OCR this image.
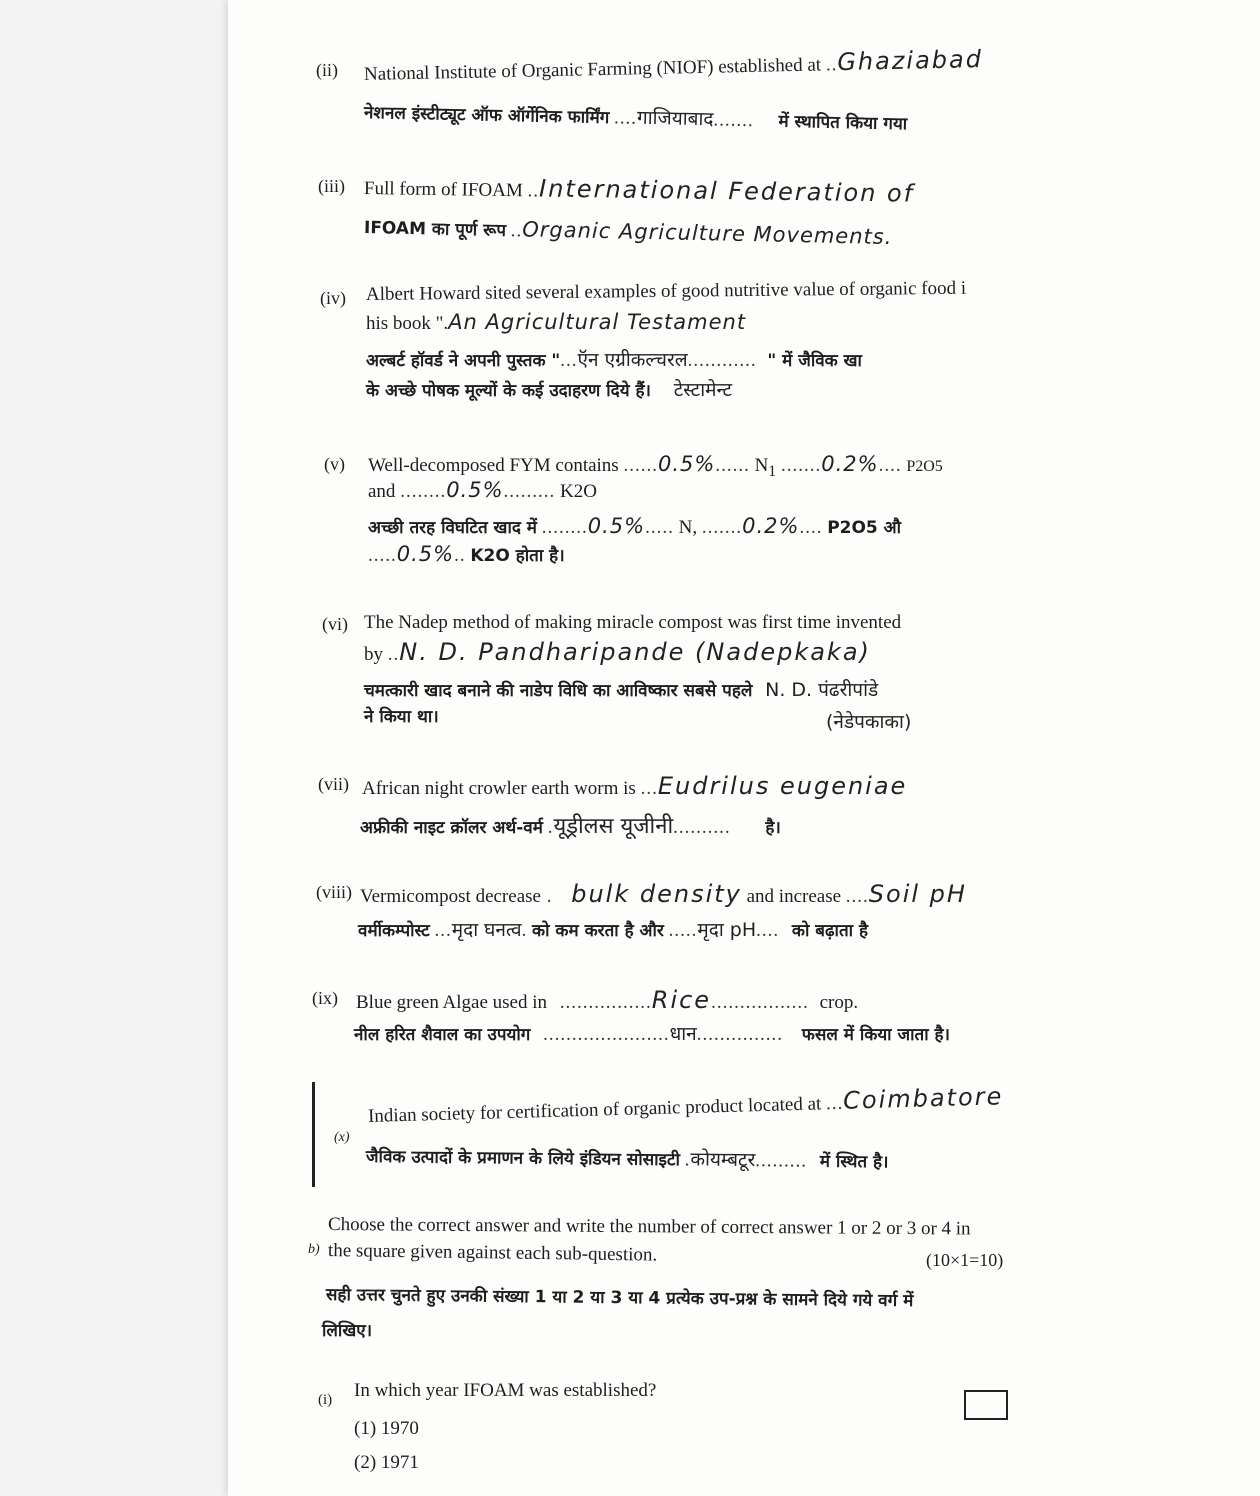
(ii) National Institute of Organic Farming (NIOF) established at ..Ghaziabad
नेशनल इंस्टीट्यूट ऑफ ऑर्गेनिक फार्मिंग ....गाजियाबाद....... में स्थापित किया गया
(iii) Full form of IFOAM ..International Federation of
IFOAM का पूर्ण रूप ..Organic Agriculture Movements.
(iv) Albert Howard sited several examples of good nutritive value of organic food i
his book ".An Agricultural Testament
अल्बर्ट हॉवर्ड ने अपनी पुस्तक "...ऍन एग्रीकल्चरल............ " में जैविक खा
के अच्छे पोषक मूल्यों के कई उदाहरण दिये हैं। टेस्टामेन्ट
(v) Well-decomposed FYM contains ......0.5%...... $N_1$ .......0.2%.... P2O5
and ........0.5%......... K2O
अच्छी तरह विघटित खाद में ........0.5%..... N, .......0.2%.... P2O5 औ
.....0.5%.. K2O होता है।
(vi) The Nadep method of making miracle compost was first time invented
by ..N. D. Pandharipande (Nadepkaka)
चमत्कारी खाद बनाने की नाडेप विधि का आविष्कार सबसे पहले N. D. पंढरीपांडे
ने किया था।	(नेडेपकाका)
(vii) African night crowler earth worm is ...Eudrilus eugeniae
अफ्रीकी नाइट क्रॉलर अर्थ-वर्म .यूड्रीलस यूजीनी.......... है।
(viii) Vermicompost decrease . bulk density and increase ....Soil pH
वर्मीकम्पोस्ट ...मृदा घनत्व. को कम करता है और .....मृदा pH.... को बढ़ाता है
(ix) Blue green Algae used in ................Rice................. crop.
नील हरित शैवाल का उपयोग ......................धान............... फसल में किया जाता है।
(x)
Indian society for certification of organic product located at ...Coimbatore
जैविक उत्पादों के प्रमाणन के लिये इंडियन सोसाइटी .कोयम्बटूर......... में स्थित है।
b)
Choose the correct answer and write the number of correct answer 1 or 2 or 3 or 4 in
the square given against each sub-question.	(10×1=10)
सही उत्तर चुनते हुए उनकी संख्या 1 या 2 या 3 या 4 प्रत्येक उप-प्रश्न के सामने दिये गये वर्ग में
लिखिए।
(i) In which year IFOAM was established?
(1) 1970
(2) 1971
